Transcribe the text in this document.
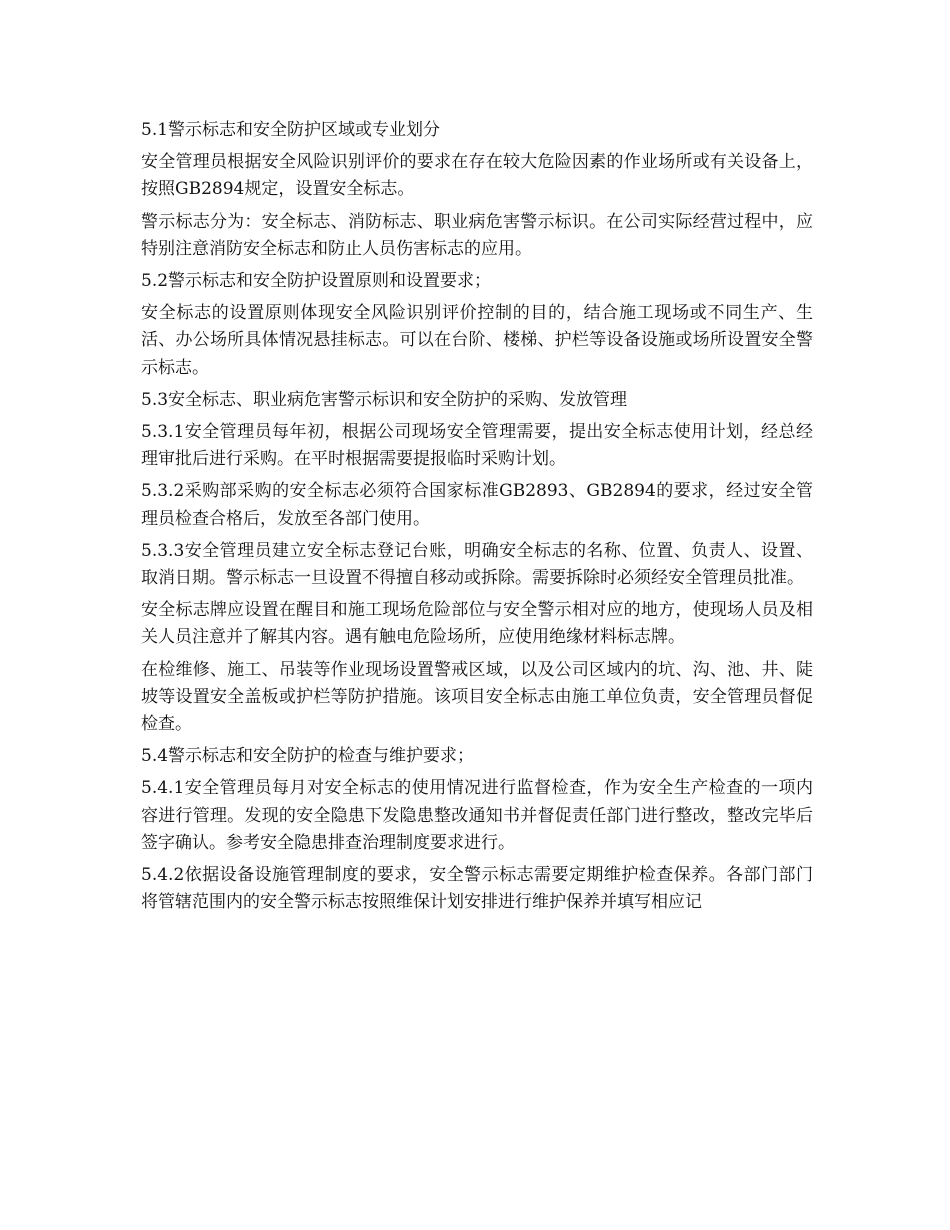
5.1警示标志和安全防护区域或专业划分

安全管理员根据安全风险识别评价的要求在存在较大危险因素的作业场所或有关设备上，按照GB2894规定，设置安全标志。

警示标志分为：安全标志、消防标志、职业病危害警示标识。在公司实际经营过程中，应特别注意消防安全标志和防止人员伤害标志的应用。

5.2警示标志和安全防护设置原则和设置要求；

安全标志的设置原则体现安全风险识别评价控制的目的，结合施工现场或不同生产、生活、办公场所具体情况悬挂标志。可以在台阶、楼梯、护栏等设备设施或场所设置安全警示标志。

5.3安全标志、职业病危害警示标识和安全防护的采购、发放管理

5.3.1安全管理员每年初，根据公司现场安全管理需要，提出安全标志使用计划，经总经理审批后进行采购。在平时根据需要提报临时采购计划。

5.3.2采购部采购的安全标志必须符合国家标准GB2893、GB2894的要求，经过安全管理员检查合格后，发放至各部门使用。

5.3.3安全管理员建立安全标志登记台账，明确安全标志的名称、位置、负责人、设置、取消日期。警示标志一旦设置不得擅自移动或拆除。需要拆除时必须经安全管理员批准。

安全标志牌应设置在醒目和施工现场危险部位与安全警示相对应的地方，使现场人员及相关人员注意并了解其内容。遇有触电危险场所，应使用绝缘材料标志牌。

在检维修、施工、吊装等作业现场设置警戒区域，以及公司区域内的坑、沟、池、井、陡坡等设置安全盖板或护栏等防护措施。该项目安全标志由施工单位负责，安全管理员督促检查。

5.4警示标志和安全防护的检查与维护要求；

5.4.1安全管理员每月对安全标志的使用情况进行监督检查，作为安全生产检查的一项内容进行管理。发现的安全隐患下发隐患整改通知书并督促责任部门进行整改，整改完毕后签字确认。参考安全隐患排查治理制度要求进行。

5.4.2依据设备设施管理制度的要求，安全警示标志需要定期维护检查保养。各部门部门将管辖范围内的安全警示标志按照维保计划安排进行维护保养并填写相应记
